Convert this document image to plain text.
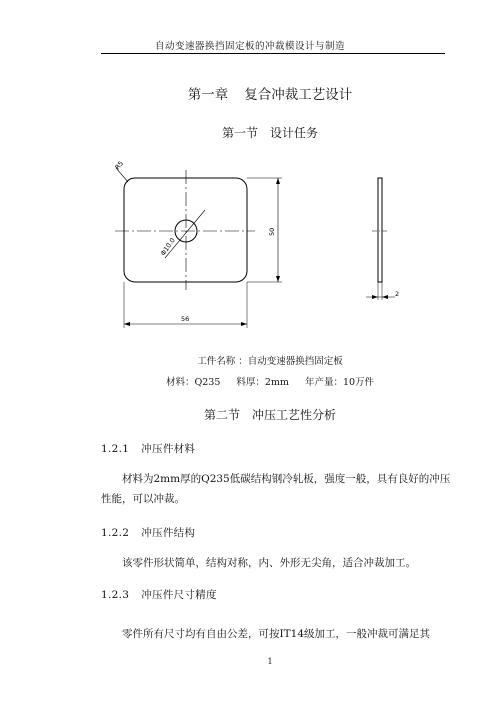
自动变速器换挡固定板的冲裁模设计与制造
第一章 复合冲裁工艺设计
第一节 设计任务
Φ10.0
R5
50
56
2
工件名称 ：自动变速器换挡固定板
材料：Q235 料厚：2mm 年产量：10万件
第二节 冲压工艺性分析
1.2.1 冲压件材料
材料为2mm厚的Q235低碳结构钢冷轧板，强度一般，具有良好的冲压性能，可以冲裁。
1.2.2 冲压件结构
该零件形状简单，结构对称，内、外形无尖角，适合冲裁加工。
1.2.3 冲压件尺寸精度
零件所有尺寸均有自由公差，可按IT14级加工，一般冲裁可满足其
1
